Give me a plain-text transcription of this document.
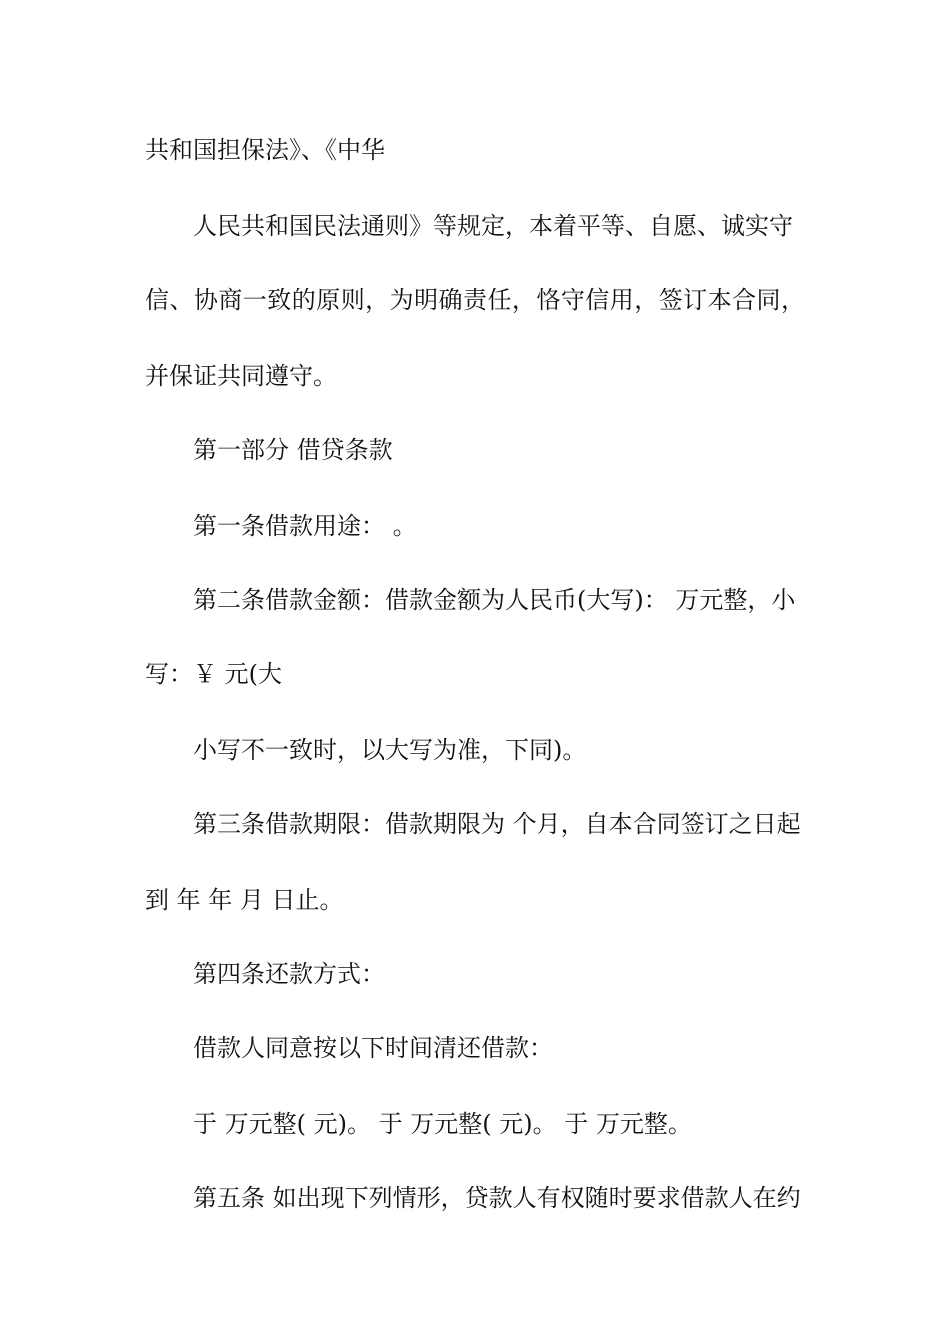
共和国担保法》、《中华
人民共和国民法通则》等规定，本着平等、自愿、诚实守
信、协商一致的原则，为明确责任，恪守信用，签订本合同，
并保证共同遵守。
第一部分 借贷条款
第一条借款用途： 。
第二条借款金额：借款金额为人民币(大写)： 万元整，小
写：￥ 元(大
小写不一致时，以大写为准，下同)。
第三条借款期限：借款期限为 个月，自本合同签订之日起
到 年 年 月 日止。
第四条还款方式：
借款人同意按以下时间清还借款：
于 万元整( 元)。 于 万元整( 元)。 于 万元整。
第五条 如出现下列情形，贷款人有权随时要求借款人在约
